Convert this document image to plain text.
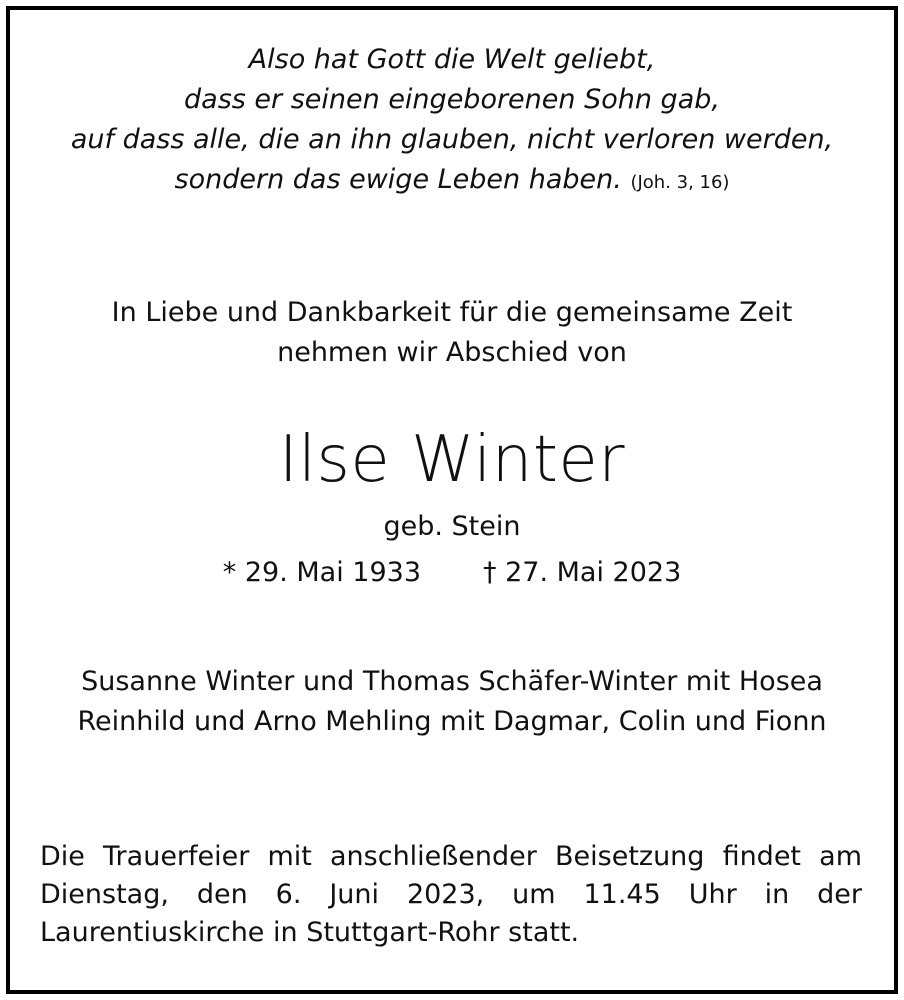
Also hat Gott die Welt geliebt,
dass er seinen eingeborenen Sohn gab,
auf dass alle, die an ihn glauben, nicht verloren werden,
sondern das ewige Leben haben. (Joh. 3, 16)
In Liebe und Dankbarkeit für die gemeinsame Zeit
nehmen wir Abschied von
Ilse Winter
geb. Stein
* 29. Mai 1933 † 27. Mai 2023
Susanne Winter und Thomas Schäfer-Winter mit Hosea
Reinhild und Arno Mehling mit Dagmar, Colin und Fionn
Die Trauerfeier mit anschließender Beisetzung findet am
Dienstag, den 6. Juni 2023, um 11.45 Uhr in der
Laurentiuskirche in Stuttgart-Rohr statt.
